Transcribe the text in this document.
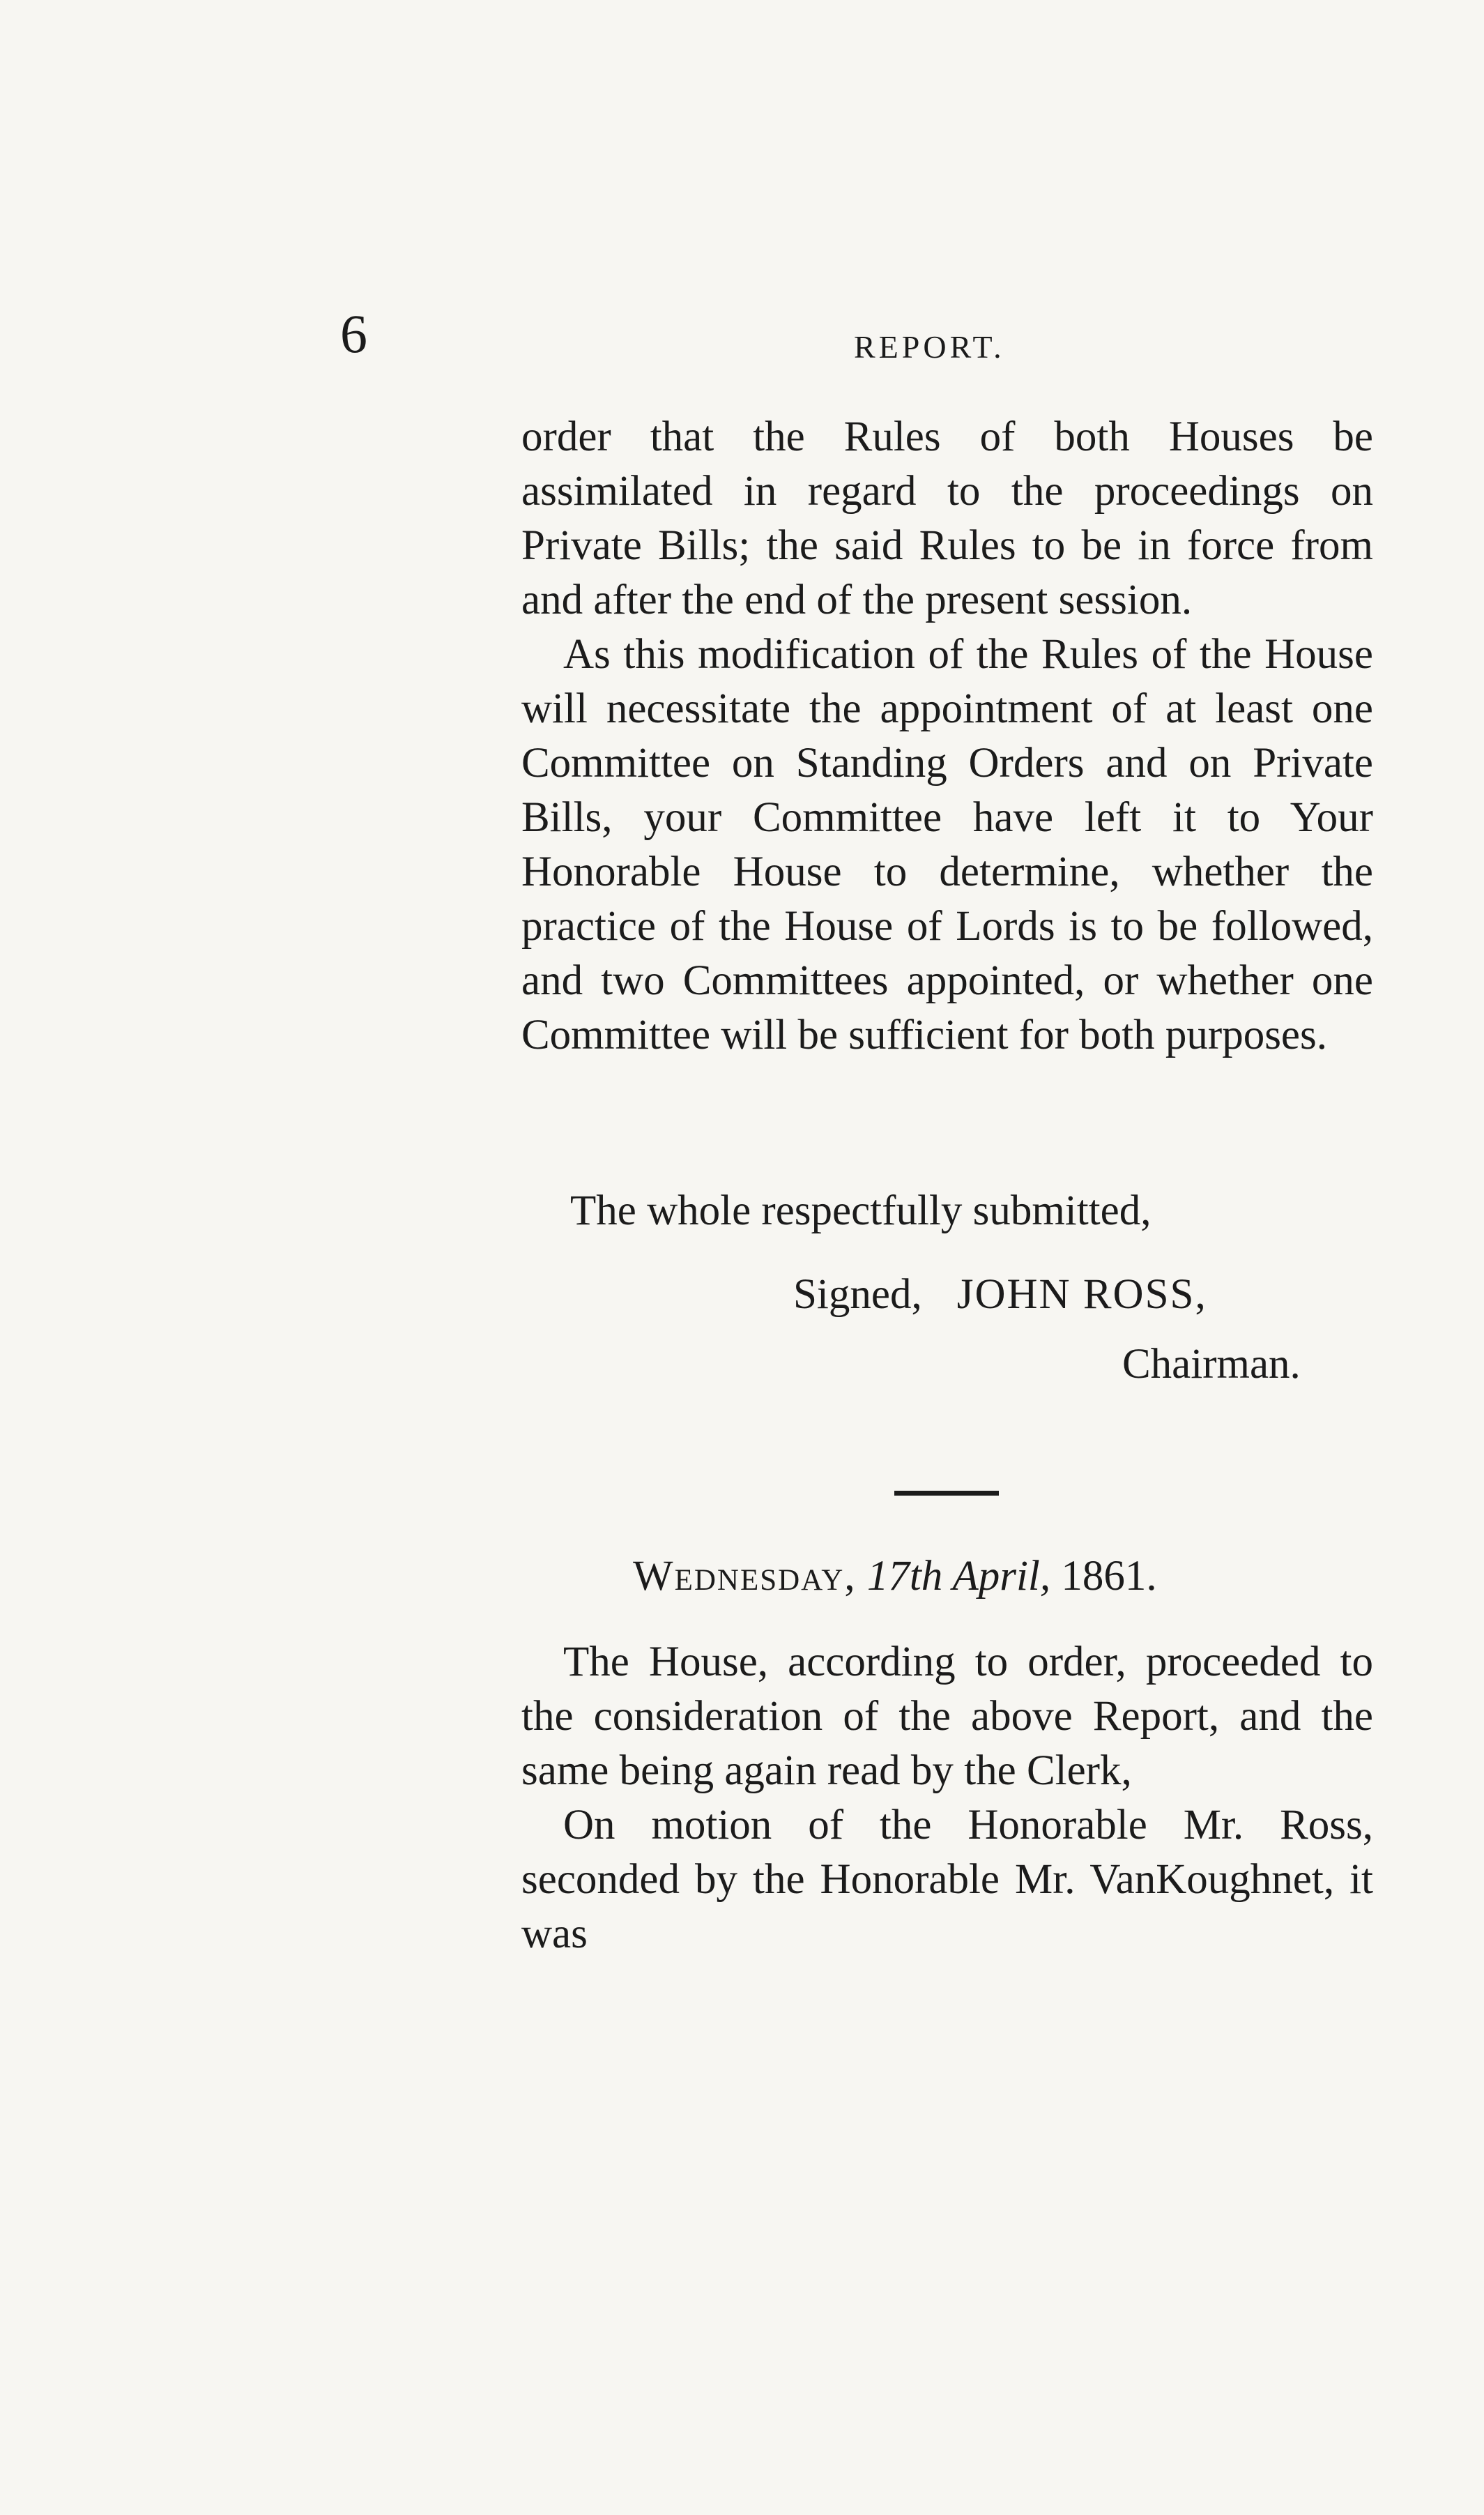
6	REPORT.

order that the Rules of both Houses be assimilated in regard to the proceedings on Private Bills; the said Rules to be in force from and after the end of the present session.

As this modification of the Rules of the House will necessitate the appointment of at least one Committee on Standing Orders and on Private Bills, your Committee have left it to Your Honorable House to determine, whether the practice of the House of Lords is to be followed, and two Committees appointed, or whether one Committee will be sufficient for both purposes.

The whole respectfully submitted,
Signed, JOHN ROSS,
Chairman.
Wednesday, 17th April, 1861.

The House, according to order, proceeded to the consideration of the above Report, and the same being again read by the Clerk,

On motion of the Honorable Mr. Ross, seconded by the Honorable Mr. VanKoughnet, it was
